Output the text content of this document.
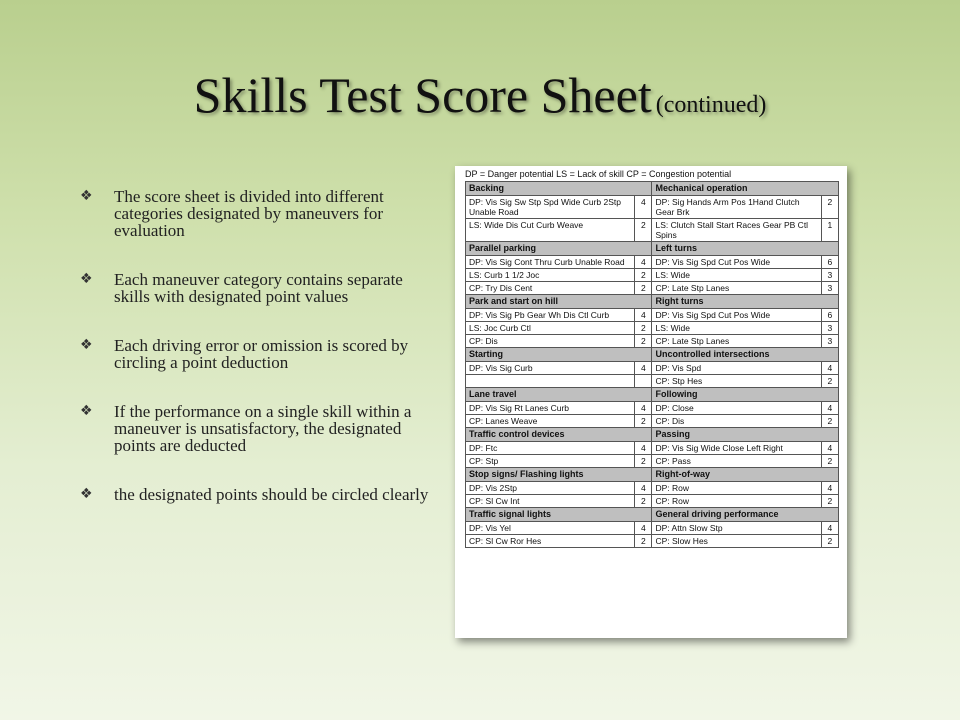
Skills Test Score Sheet (continued)
❖ The score sheet is divided into different categories designated by maneuvers for evaluation
❖ Each maneuver category contains separate skills with designated point values
❖ Each driving error or omission is scored by circling a point deduction
❖ If the performance on a single skill within a maneuver is unsatisfactory, the designated points are deducted
❖ the designated points should be circled clearly
DP = Danger potential LS = Lack of skill CP = Congestion potential
Backing		Mechanical operation	
DP: Vis Sig Sw Stp Spd Wide Curb 2Stp Unable Road	4	DP: Sig Hands Arm Pos 1Hand Clutch Gear Brk	2
LS: Wide Dis Cut Curb Weave	2	LS: Clutch Stall Start Races Gear PB Ctl Spins	1
Parallel parking		Left turns	
DP: Vis Sig Cont Thru Curb Unable Road	4	DP: Vis Sig Spd Cut Pos Wide	6
LS: Curb 1 1/2 Joc	2	LS: Wide	3
CP: Try Dis Cent	2	CP: Late Stp Lanes	3
Park and start on hill		Right turns	
DP: Vis Sig Pb Gear Wh Dis Ctl Curb	4	DP: Vis Sig Spd Cut Pos Wide	6
LS: Joc Curb Ctl	2	LS: Wide	3
CP: Dis	2	CP: Late Stp Lanes	3
Starting		Uncontrolled intersections	
DP: Vis Sig Curb	4	DP: Vis Spd	4
		CP: Stp Hes	2
Lane travel		Following	
DP: Vis Sig Rt Lanes Curb	4	DP: Close	4
CP: Lanes Weave	2	CP: Dis	2
Traffic control devices		Passing	
DP: Ftc	4	DP: Vis Sig Wide Close Left Right	4
CP: Stp	2	CP: Pass	2
Stop signs/ Flashing lights		Right-of-way	
DP: Vis 2Stp	4	DP: Row	4
CP: Sl Cw Int	2	CP: Row	2
Traffic signal lights		General driving performance	
DP: Vis Yel	4	DP: Attn Slow Stp	4
CP: Sl Cw Ror Hes	2	CP: Slow Hes	2
